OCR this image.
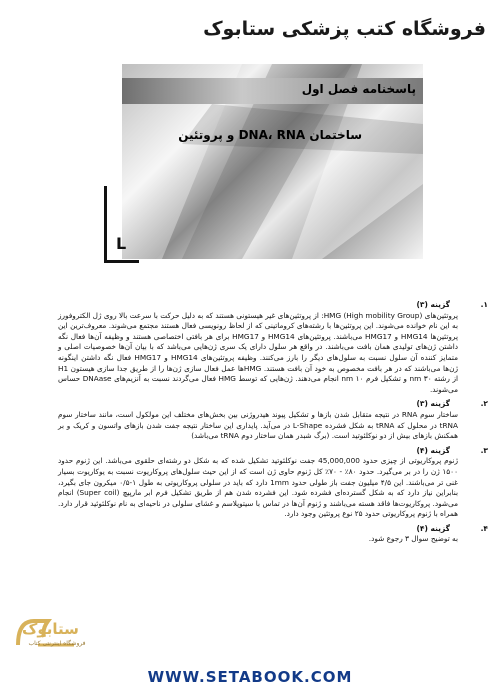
فروشگاه کتب پزشکی ستابوک
پاسخنامه فصل اول
ساختمان DNA، RNA و پروتئین
L
۱.
گزینه (۳)
پروتئین‌های HMG (High mobility Group): از پروتئین‌های غیر هیستونی هستند که به دلیل حرکت با سرعت بالا روی ژل الکتروفورز به این نام خوانده می‌شوند. این پروتئین‌ها با رشته‌های کروماتینی که از لحاظ رونویسی فعال هستند مجتمع می‌شوند. معروف‌ترین این پروتئین‌ها HMG14 و HMG17 می‌باشند. پروتئین‌های HMG14 و HMG17 برای هر بافتی اختصاصی هستند و وظیفه آن‌ها فعال نگه داشتن ژن‌های تولیدی همان بافت می‌باشند. در واقع هر سلول دارای یک سری ژن‌هایی می‌باشد که با بیان آن‌ها خصوصیات اصلی و متمایز کننده آن سلول نسبت به سلول‌های دیگر را بارز می‌کنند. وظیفه پروتئین‌های HMG14 و HMG17 فعال نگه داشتن اینگونه ژن‌ها می‌باشند که در هر بافت مخصوص به خود آن بافت هستند. HMGها عمل فعال سازی ژن‌ها را از طریق جدا سازی هیستون H1 از رشته ۳۰ nm و تشکیل فرم ۱۰ nm انجام می‌دهند. ژن‌هایی که توسط HMG فعال می‌گردند نسبت به آنزیم‌های DNAase حساس می‌شوند.
۲.
گزینه (۳)
ساختار سوم RNA در نتیجه متقابل شدن بازها و تشکیل پیوند هیدروژنی بین بخش‌های مختلف این مولکول است، مانند ساختار سوم tRNA در محلول که tRNA به شکل فشرده L-Shape در می‌آید. پایداری این ساختار نتیجه جفت شدن بازهای واتسون و کریک و بر همکنش بازهای بیش از دو نوکلئوتید است. (برگ شبدر همان ساختار دوم tRNA می‌باشد)
۳.
گزینه (۴)
ژنوم پروکاریوتی از چیزی حدود 45,000,000 جفت نوکلئوتید تشکیل شده که به شکل دو رشته‌ای حلقوی می‌باشد. این ژنوم حدود ۱۵۰۰ ژن را در بر می‌گیرد. حدود ۸۰٪ - ۷۰٪ کل ژنوم حاوی ژن است که از این حیث سلول‌های پروکاریوت نسبت به یوکاریوت بسیار غنی تر می‌باشند. این ۴/۵ میلیون جفت باز طولی حدود 1mm دارد که باید در سلولی پروکاریوتی به طول ۱-۰/۵ میکرون جای بگیرد، بنابراین نیاز دارد که به شکل گسترده‌ای فشرده شود. این فشرده شدن هم از طریق تشکیل فرم ابر مارپیچ (Super coil) انجام می‌شود. پروکاریوت‌ها فاقد هسته می‌باشند و ژنوم آن‌ها در تماس با سیتوپلاسم و غشای سلولی در ناحیه‌ای به نام نوکلئوئید قرار دارد. همراه با ژنوم پروکاریوتی حدود ۲۵ نوع پروتئین وجود دارد.
۴.
گزینه (۴)
به توضیح سوال ۳ رجوع شود.
ستابوک
فروشگاه اینترنتی کتاب
WWW.SETABOOK.COM
